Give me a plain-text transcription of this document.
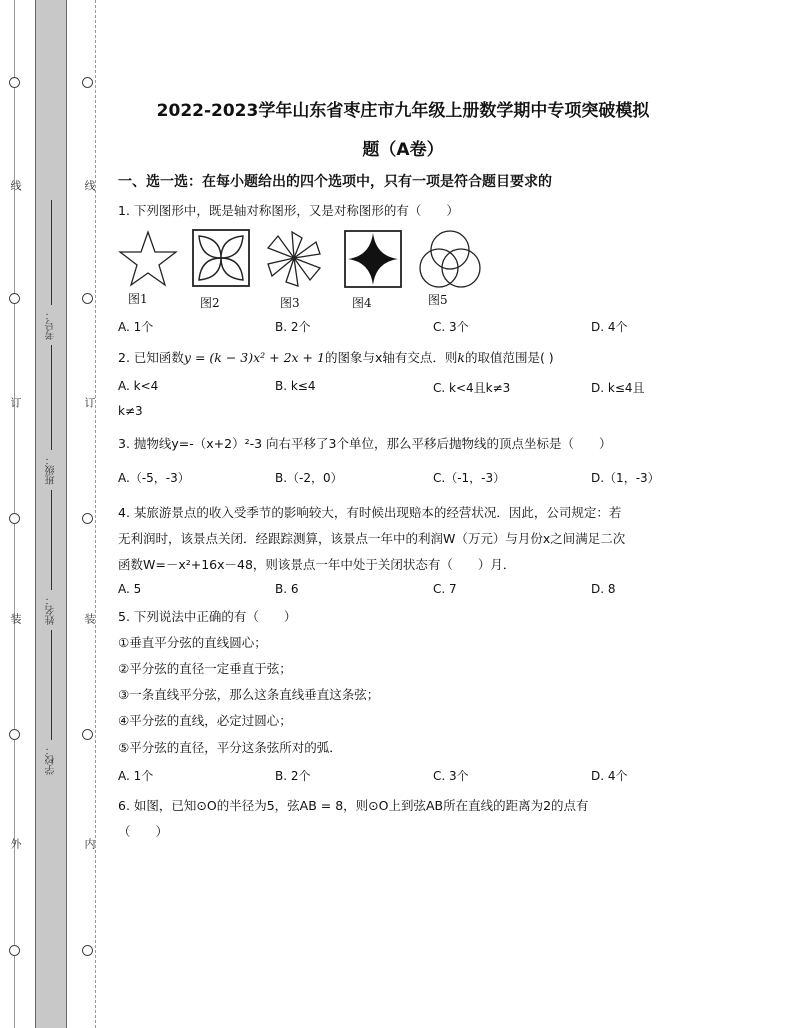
线
订
装
外
线
订
装
内
考号：
班级：
姓名：
学校：
2022-2023学年山东省枣庄市九年级上册数学期中专项突破模拟
题（A卷）
一、选一选：在每小题给出的四个选项中，只有一项是符合题目要求的
1. 下列图形中，既是轴对称图形，又是对称图形的有（　　）
图1	图2	图3	图4	图5
A. 1个	B. 2个	C. 3个	D. 4个
2. 已知函数y = (k − 3)x² + 2x + 1的图象与x轴有交点．则k的取值范围是( )
A. k<4	B. k≤4	C. k<4且k≠3	D. k≤4且
k≠3
3. 抛物线y=-（x+2）²-3 向右平移了3个单位，那么平移后抛物线的顶点坐标是（　　）
A.（-5，-3）	B.（-2，0）	C.（-1，-3）	D.（1，-3）
4. 某旅游景点的收入受季节的影响较大，有时候出现赔本的经营状况．因此，公司规定：若
无利润时，该景点关闭．经跟踪测算，该景点一年中的利润W（万元）与月份x之间满足二次
函数W=－x²+16x－48，则该景点一年中处于关闭状态有（　　）月．
A. 5	B. 6	C. 7	D. 8
5. 下列说法中正确的有（　　）
①垂直平分弦的直线圆心；
②平分弦的直径一定垂直于弦；
③一条直线平分弦，那么这条直线垂直这条弦；
④平分弦的直线，必定过圆心；
⑤平分弦的直径，平分这条弦所对的弧．
A. 1个	B. 2个	C. 3个	D. 4个
6. 如图，已知⊙O的半径为5，弦AB = 8，则⊙O上到弦AB所在直线的距离为2的点有
（　　）
